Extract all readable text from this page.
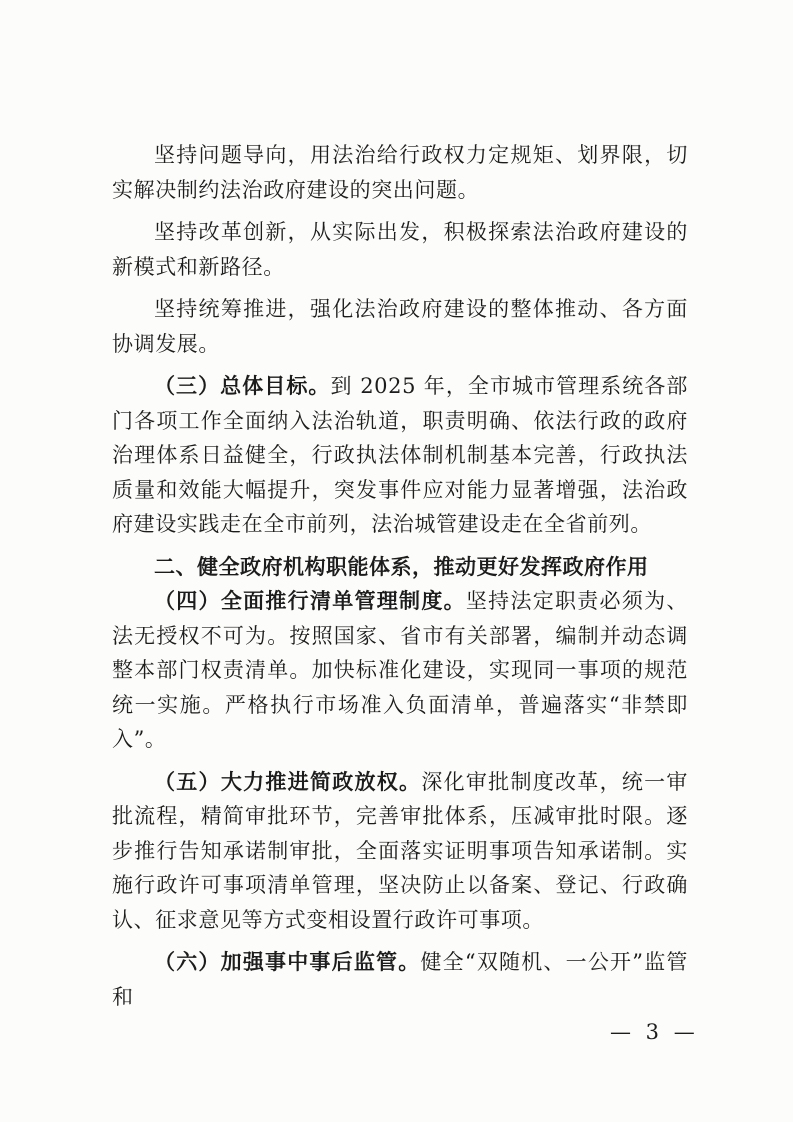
坚持问题导向，用法治给行政权力定规矩、划界限，切实解决制约法治政府建设的突出问题。

坚持改革创新，从实际出发，积极探索法治政府建设的新模式和新路径。

坚持统筹推进，强化法治政府建设的整体推动、各方面协调发展。

（三）总体目标。到 2025 年，全市城市管理系统各部门各项工作全面纳入法治轨道，职责明确、依法行政的政府治理体系日益健全，行政执法体制机制基本完善，行政执法质量和效能大幅提升，突发事件应对能力显著增强，法治政府建设实践走在全市前列，法治城管建设走在全省前列。

二、健全政府机构职能体系，推动更好发挥政府作用

（四）全面推行清单管理制度。坚持法定职责必须为、法无授权不可为。按照国家、省市有关部署，编制并动态调整本部门权责清单。加快标准化建设，实现同一事项的规范统一实施。严格执行市场准入负面清单，普遍落实“非禁即入”。

（五）大力推进简政放权。深化审批制度改革，统一审批流程，精简审批环节，完善审批体系，压减审批时限。逐步推行告知承诺制审批，全面落实证明事项告知承诺制。实施行政许可事项清单管理，坚决防止以备案、登记、行政确认、征求意见等方式变相设置行政许可事项。

（六）加强事中事后监管。健全“双随机、一公开”监管和

— 3 —
